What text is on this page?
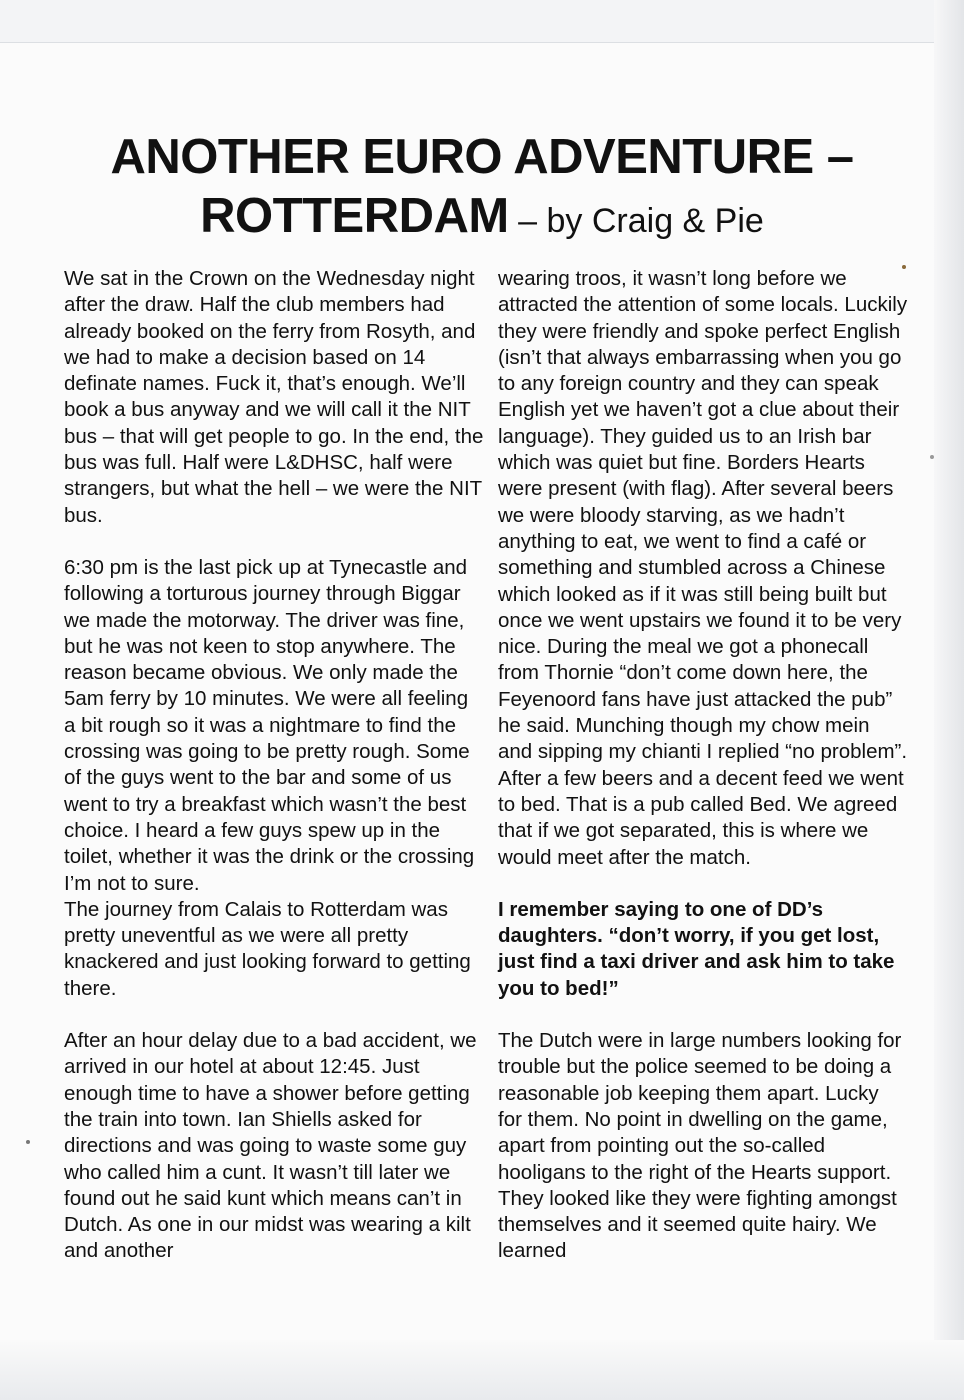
ANOTHER EURO ADVENTURE –
ROTTERDAM – by Craig & Pie

We sat in the Crown on the Wednesday night after the draw. Half the club members had already booked on the ferry from Rosyth, and we had to make a decision based on 14 definate names. Fuck it, that’s enough. We’ll book a bus anyway and we will call it the NIT bus – that will get people to go. In the end, the bus was full. Half were L&DHSC, half were strangers, but what the hell – we were the NIT bus.

6:30 pm is the last pick up at Tynecastle and following a torturous journey through Biggar we made the motorway. The driver was fine, but he was not keen to stop anywhere. The reason became obvious. We only made the 5am ferry by 10 minutes. We were all feeling a bit rough so it was a nightmare to find the crossing was going to be pretty rough. Some of the guys went to the bar and some of us went to try a breakfast which wasn’t the best choice. I heard a few guys spew up in the toilet, whether it was the drink or the crossing I’m not to sure.

The journey from Calais to Rotterdam was pretty uneventful as we were all pretty knackered and just looking forward to getting there.

After an hour delay due to a bad accident, we arrived in our hotel at about 12:45. Just enough time to have a shower before getting the train into town. Ian Shiells asked for directions and was going to waste some guy who called him a cunt. It wasn’t till later we found out he said kunt which means can’t in Dutch. As one in our midst was wearing a kilt and another

wearing troos, it wasn’t long before we attracted the attention of some locals. Luckily they were friendly and spoke perfect English (isn’t that always embarrassing when you go to any foreign country and they can speak English yet we haven’t got a clue about their language). They guided us to an Irish bar which was quiet but fine. Borders Hearts were present (with flag). After several beers we were bloody starving, as we hadn’t anything to eat, we went to find a café or something and stumbled across a Chinese which looked as if it was still being built but once we went upstairs we found it to be very nice. During the meal we got a phonecall from Thornie “don’t come down here, the Feyenoord fans have just attacked the pub” he said. Munching though my chow mein and sipping my chianti I replied “no problem”. After a few beers and a decent feed we went to bed. That is a pub called Bed. We agreed that if we got separated, this is where we would meet after the match.

I remember saying to one of DD’s daughters. “don’t worry, if you get lost, just find a taxi driver and ask him to take you to bed!”

The Dutch were in large numbers looking for trouble but the police seemed to be doing a reasonable job keeping them apart. Lucky for them. No point in dwelling on the game, apart from pointing out the so-called hooligans to the right of the Hearts support. They looked like they were fighting amongst themselves and it seemed quite hairy. We learned
